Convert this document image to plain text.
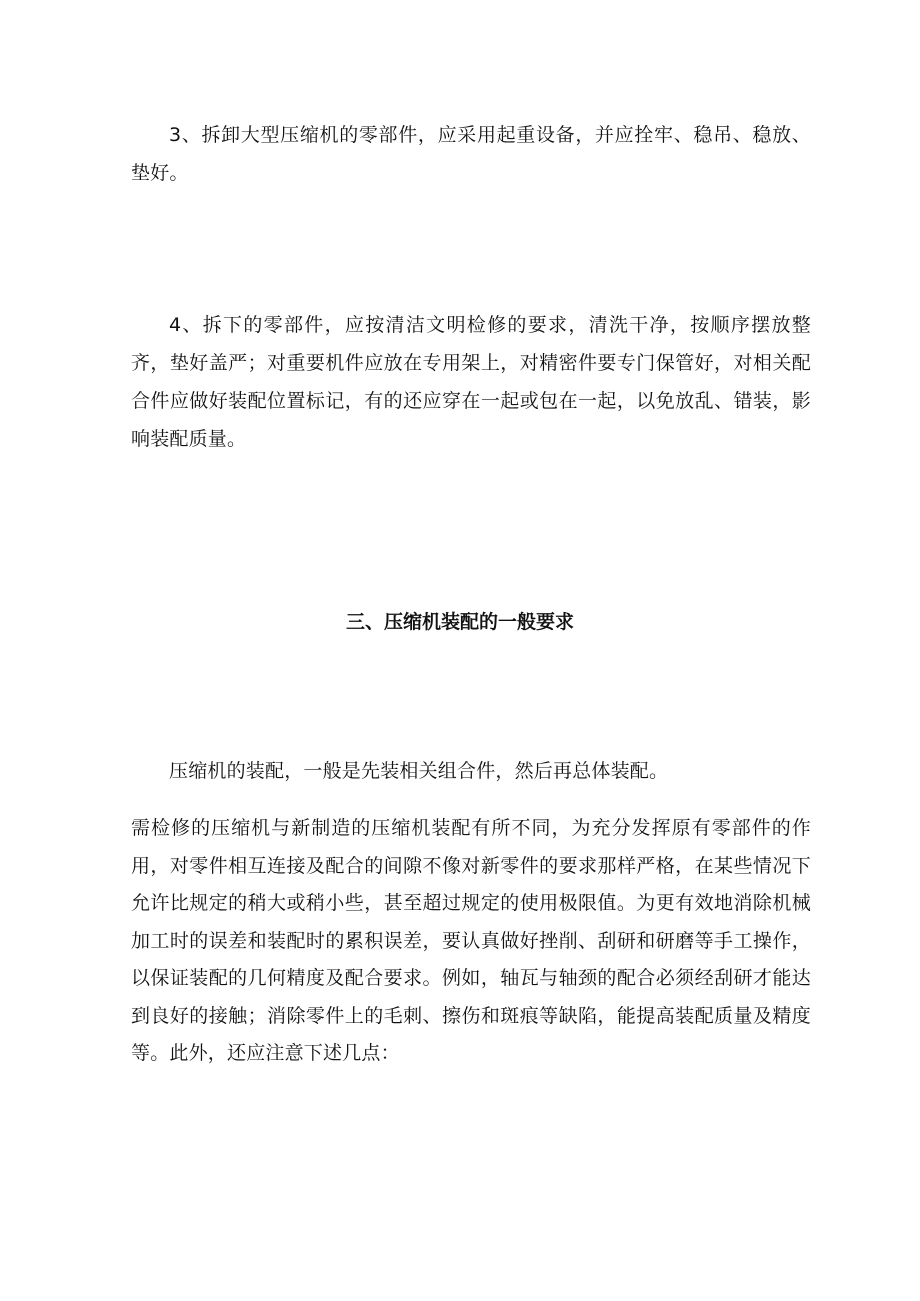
3、拆卸大型压缩机的零部件，应采用起重设备，并应拴牢、稳吊、稳放、垫好。

4、拆下的零部件，应按清洁文明检修的要求，清洗干净，按顺序摆放整齐，垫好盖严；对重要机件应放在专用架上，对精密件要专门保管好，对相关配合件应做好装配位置标记，有的还应穿在一起或包在一起，以免放乱、错装，影响装配质量。

三、压缩机装配的一般要求

压缩机的装配，一般是先装相关组合件，然后再总体装配。

需检修的压缩机与新制造的压缩机装配有所不同，为充分发挥原有零部件的作用，对零件相互连接及配合的间隙不像对新零件的要求那样严格，在某些情况下允许比规定的稍大或稍小些，甚至超过规定的使用极限值。为更有效地消除机械加工时的误差和装配时的累积误差，要认真做好挫削、刮研和研磨等手工操作，以保证装配的几何精度及配合要求。例如，轴瓦与轴颈的配合必须经刮研才能达到良好的接触；消除零件上的毛刺、擦伤和斑痕等缺陷，能提高装配质量及精度等。此外，还应注意下述几点：
